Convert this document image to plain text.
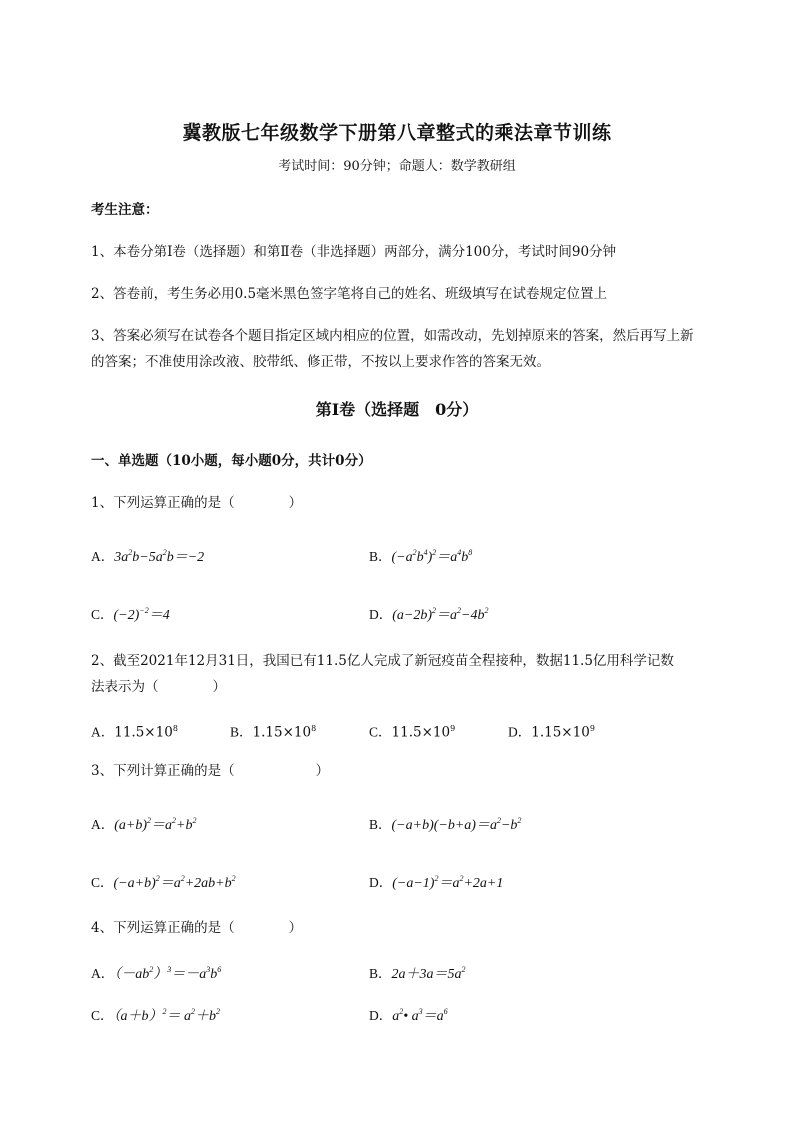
冀教版七年级数学下册第八章整式的乘法章节训练
考试时间：90分钟；命题人：数学教研组
考生注意：
1、本卷分第I卷（选择题）和第Ⅱ卷（非选择题）两部分，满分100分，考试时间90分钟
2、答卷前，考生务必用0.5毫米黑色签字笔将自己的姓名、班级填写在试卷规定位置上
3、答案必须写在试卷各个题目指定区域内相应的位置，如需改动，先划掉原来的答案，然后再写上新
的答案；不准使用涂改液、胶带纸、修正带，不按以上要求作答的答案无效。
第I卷（选择题　0分）
一、单选题（10小题，每小题0分，共计0分）
1、下列运算正确的是（　　　　）
A．$3a^2b-5a^2b=-2$	B．$(-a^2b^4)^2=a^4b^8$
C．$(-2)^{-2}=4$	D．$(a-2b)^2=a^2-4b^2$
2、截至2021年12月31日，我国已有11.5亿人完成了新冠疫苗全程接种，数据11.5亿用科学记数
法表示为（　　　　）
A．$11.5\times 10^8$	B．$1.15\times 10^8$	C．$11.5\times 10^9$	D．$1.15\times 10^9$
3、下列计算正确的是（　　　　　　）
A．$(a+b)^2=a^2+b^2$	B．$(-a+b)(-b+a)=a^2-b^2$
C．$(-a+b)^2=a^2+2ab+b^2$	D．$(-a-1)^2=a^2+2a+1$
4、下列运算正确的是（　　　　）
A．$(-ab^2)^3=-a^3b^6$	B．$2a+3a=5a^2$
C．$(a+b)^2= a^2+b^2$	D．$a^2•$ $a^3=a^6$
